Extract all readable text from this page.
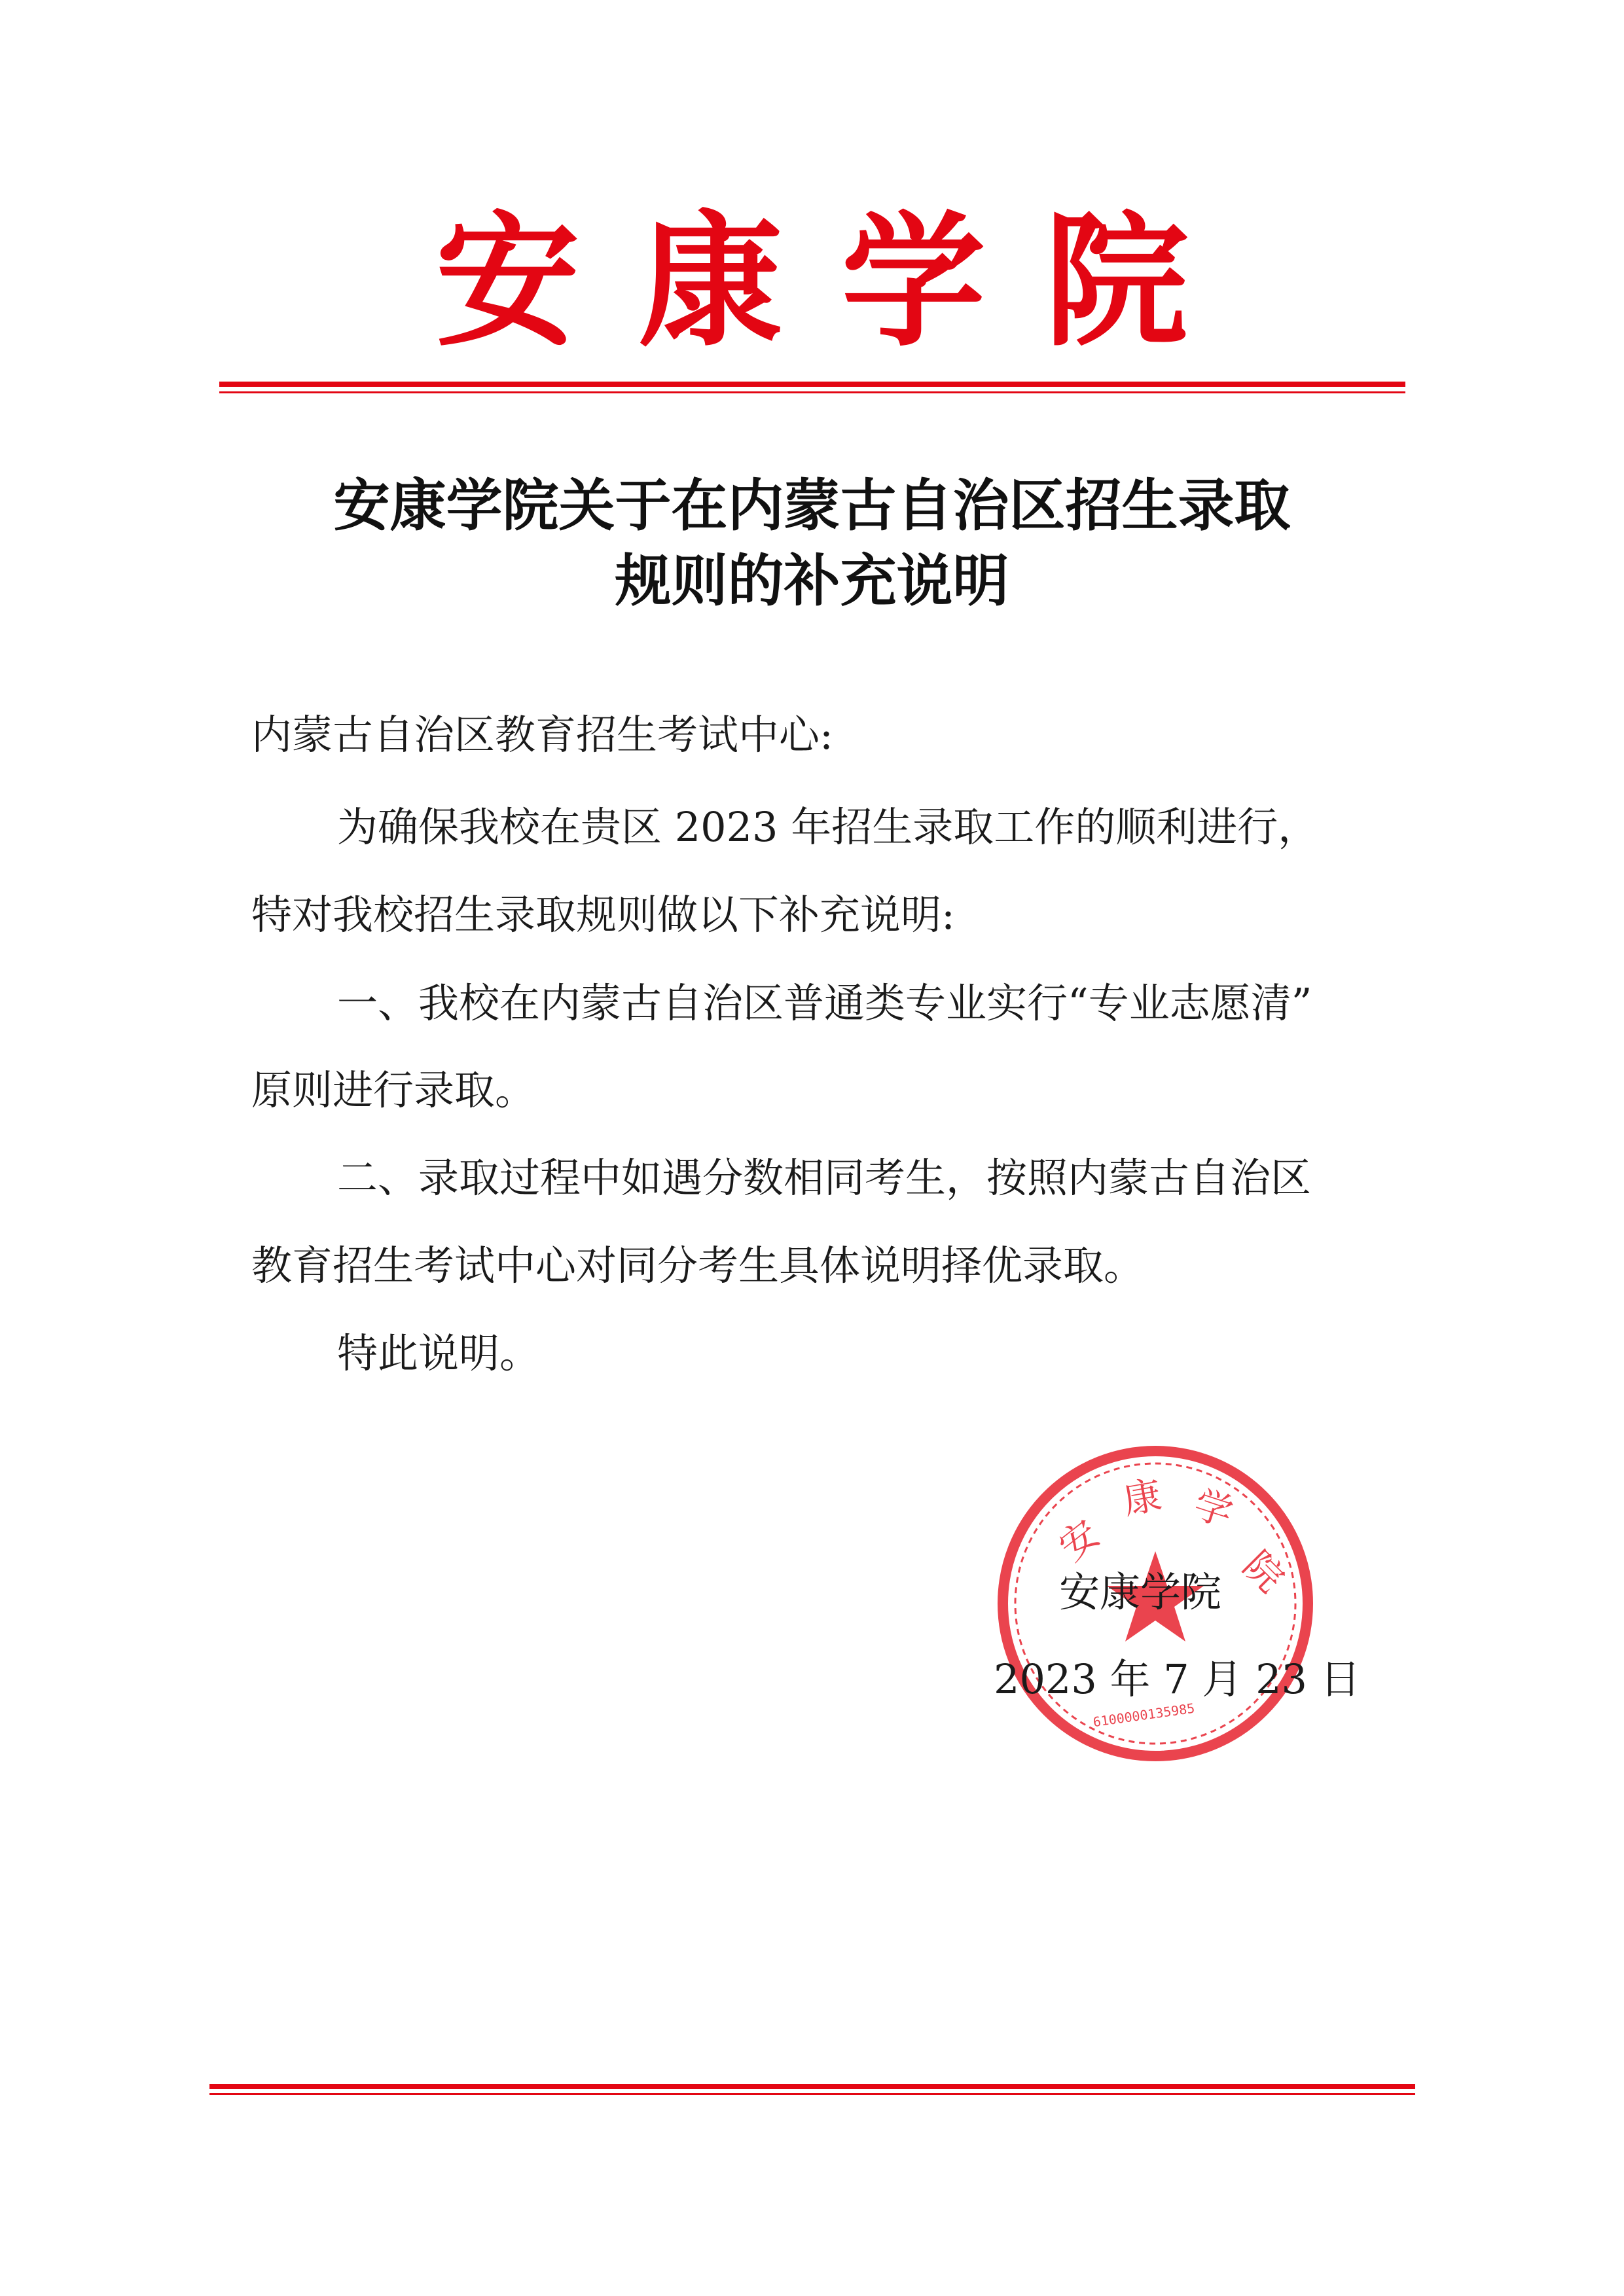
安康学院
安康学院关于在内蒙古自治区招生录取
规则的补充说明
内蒙古自治区教育招生考试中心:
为确保我校在贵区 2023 年招生录取工作的顺利进行，
特对我校招生录取规则做以下补充说明:
一、我校在内蒙古自治区普通类专业实行“专业志愿清”
原则进行录取。
二、录取过程中如遇分数相同考生，按照内蒙古自治区
教育招生考试中心对同分考生具体说明择优录取。
特此说明。
安
康 学
院
6100000135985
安康学院
2023 年 7 月 23 日
